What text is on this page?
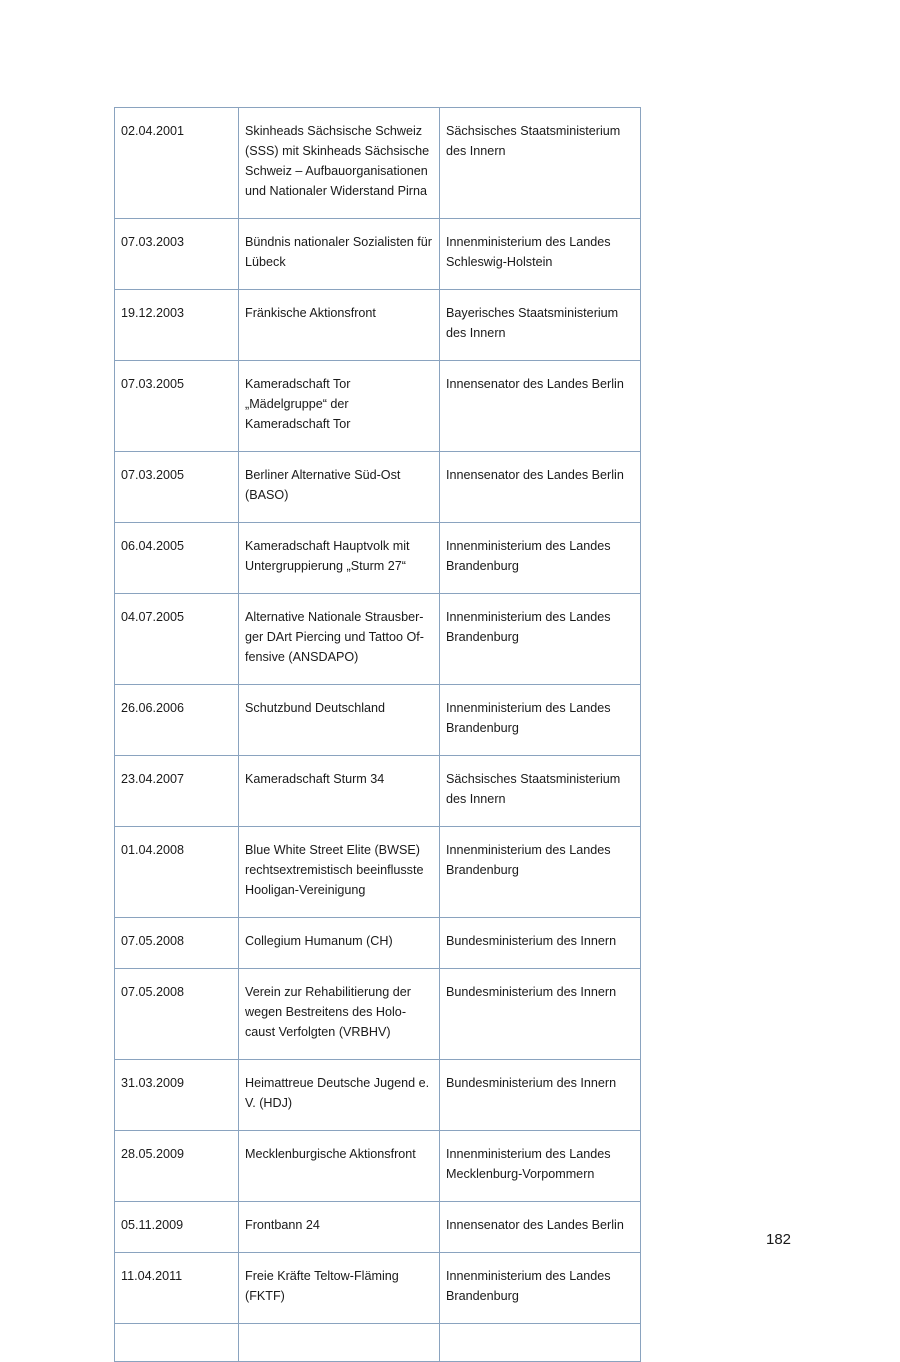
02.04.2001	Skinheads Sächsische Schweiz (SSS) mit Skinheads Sächsische Schweiz – Aufbauorganisationen und Nationaler Widerstand Pirna	Sächsisches Staatsministerium des Innern
07.03.2003	Bündnis nationaler Sozialisten für Lübeck	Innenministerium des Landes Schleswig-Holstein
19.12.2003	Fränkische Aktionsfront	Bayerisches Staatsministerium des Innern
07.03.2005	Kameradschaft Tor „Mädelgruppe“ der Kameradschaft Tor	Innensenator des Landes Berlin
07.03.2005	Berliner Alternative Süd-Ost (BASO)	Innensenator des Landes Berlin
06.04.2005	Kameradschaft Hauptvolk mit Untergruppierung „Sturm 27“	Innenministerium des Landes Brandenburg
04.07.2005	Alternative Nationale Strausber-ger DArt Piercing und Tattoo Of-fensive (ANSDAPO)	Innenministerium des Landes Brandenburg
26.06.2006	Schutzbund Deutschland	Innenministerium des Landes Brandenburg
23.04.2007	Kameradschaft Sturm 34	Sächsisches Staatsministerium des Innern
01.04.2008	Blue White Street Elite (BWSE) rechtsextremistisch beeinflusste Hooligan-Vereinigung	Innenministerium des Landes Brandenburg
07.05.2008	Collegium Humanum (CH)	Bundesministerium des Innern
07.05.2008	Verein zur Rehabilitierung der wegen Bestreitens des Holo-caust Verfolgten (VRBHV)	Bundesministerium des Innern
31.03.2009	Heimattreue Deutsche Jugend e. V. (HDJ)	Bundesministerium des Innern
28.05.2009	Mecklenburgische Aktionsfront	Innenministerium des Landes Mecklenburg-Vorpommern
05.11.2009	Frontbann 24	Innensenator des Landes Berlin
11.04.2011	Freie Kräfte Teltow-Fläming (FKTF)	Innenministerium des Landes Brandenburg

182
